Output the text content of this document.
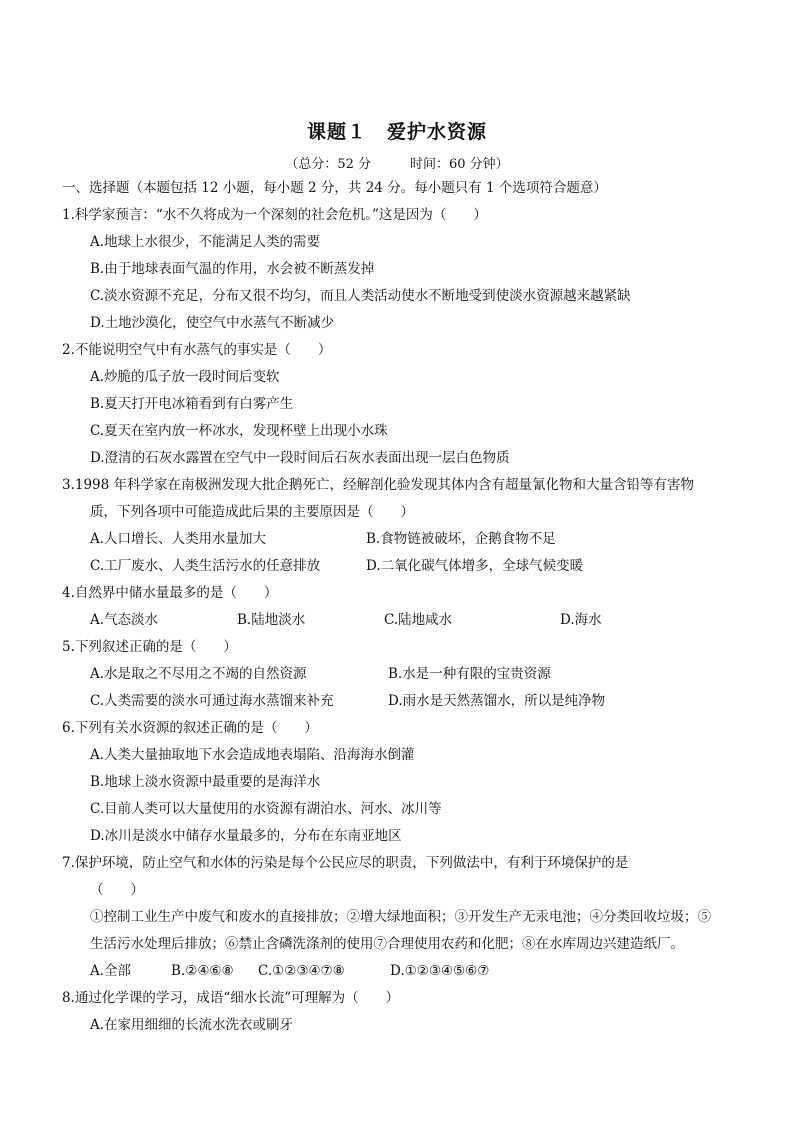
课题１　爱护水资源
（总分：52 分　　　时间：60 分钟）
一、选择题（本题包括 12 小题，每小题 2 分，共 24 分。每小题只有 1 个选项符合题意）
1.科学家预言：“水不久将成为一个深刻的社会危机。”这是因为（　　）
A.地球上水很少，不能满足人类的需要
B.由于地球表面气温的作用，水会被不断蒸发掉
C.淡水资源不充足，分布又很不均匀，而且人类活动使水不断地受到使淡水资源越来越紧缺
D.土地沙漠化，使空气中水蒸气不断减少
2.不能说明空气中有水蒸气的事实是（　　）
A.炒脆的瓜子放一段时间后变软
B.夏天打开电冰箱看到有白雾产生
C.夏天在室内放一杯冰水，发现杯壁上出现小水珠
D.澄清的石灰水露置在空气中一段时间后石灰水表面出现一层白色物质
3.1998 年科学家在南极洲发现大批企鹅死亡，经解剖化验发现其体内含有超量氰化物和大量含铅等有害物
质，下列各项中可能造成此后果的主要原因是（　　）
A.人口增长、人类用水量加大	B.食物链被破坏，企鹅食物不足
C.工厂废水、人类生活污水的任意排放	D.二氧化碳气体增多，全球气候变暖
4.自然界中储水量最多的是（　　）
A.气态淡水	B.陆地淡水	C.陆地咸水	D.海水
5.下列叙述正确的是（　　）
A.水是取之不尽用之不竭的自然资源	B.水是一种有限的宝贵资源
C.人类需要的淡水可通过海水蒸馏来补充	D.雨水是天然蒸馏水，所以是纯净物
6.下列有关水资源的叙述正确的是（　　）
A.人类大量抽取地下水会造成地表塌陷、沿海海水倒灌
B.地球上淡水资源中最重要的是海洋水
C.目前人类可以大量使用的水资源有湖泊水、河水、冰川等
D.冰川是淡水中储存水量最多的，分布在东南亚地区
7.保护环境，防止空气和水体的污染是每个公民应尽的职责，下列做法中，有利于环境保护的是
（　　）
①控制工业生产中废气和废水的直接排放；②增大绿地面积；③开发生产无汞电池；④分类回收垃圾；⑤
生活污水处理后排放；⑥禁止含磷洗涤剂的使用⑦合理使用农药和化肥；⑧在水库周边兴建造纸厂。
A.全部	B.②④⑥⑧	C.①②③④⑦⑧	D.①②③④⑤⑥⑦
8.通过化学课的学习，成语“细水长流”可理解为（　　）
A.在家用细细的长流水洗衣或刷牙
